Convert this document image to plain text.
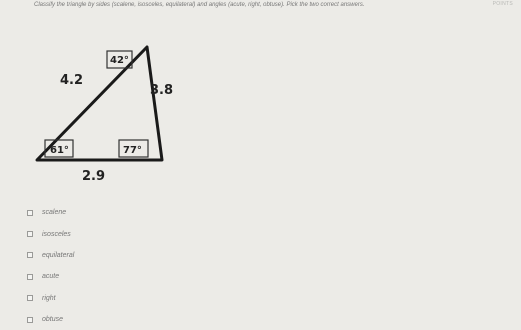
POINTS
Classify the triangle by sides (scalene, isosceles, equilateral) and angles (acute, right, obtuse). Pick the two correct answers.
4.2
3.8
2.9
42°
61°	77°
scalene
isosceles
equilateral
acute
right
obtuse
